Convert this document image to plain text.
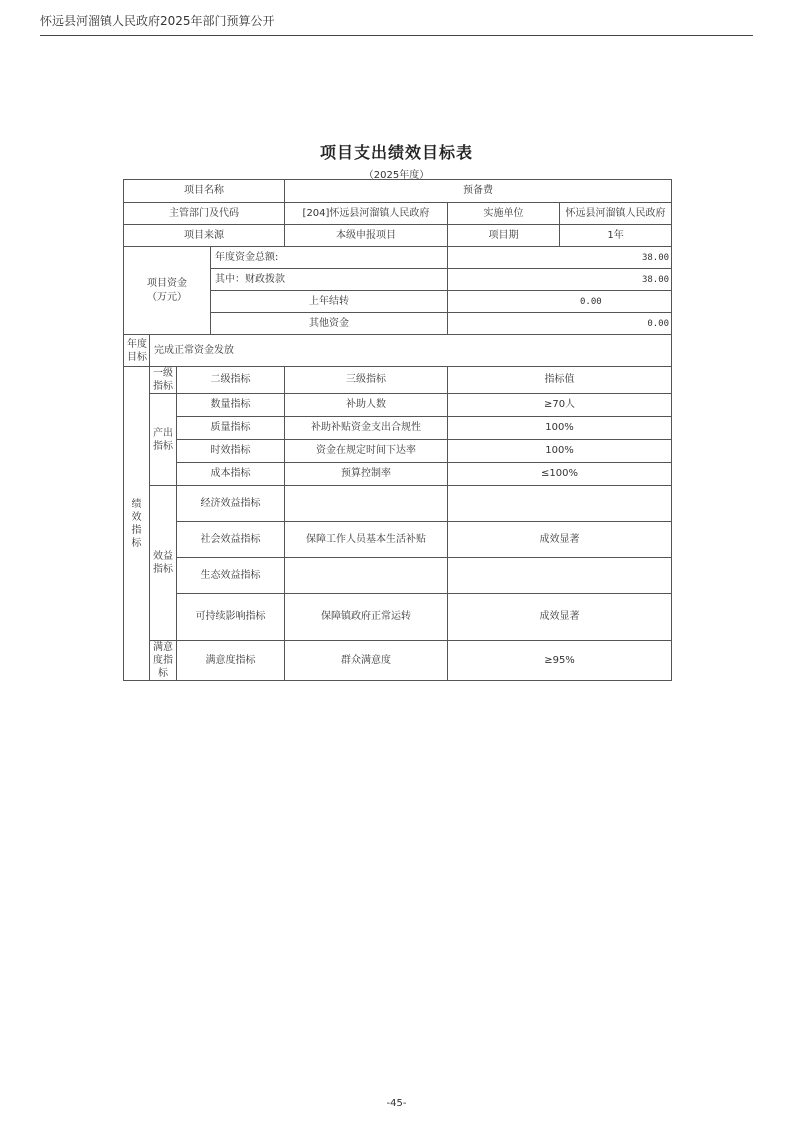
怀远县河溜镇人民政府2025年部门预算公开
项目支出绩效目标表
（2025年度）
项目名称				预备费		
主管部门及代码				[204]怀远县河溜镇人民政府	实施单位	怀远县河溜镇人民政府
项目来源				本级申报项目	项目期	1年

项目资金（万元）			年度资金总额:		38.00	
			其中：财政拨款		38.00	
			上年结转		0.00	
			其他资金		0.00	

年度目标	完成正常资金发放					

绩效指标	一级指标	二级指标		三级指标	指标值	

	产出指标	数量指标		补助人数	≥70人	
		质量指标		补助补贴资金支出合规性	100%	
		时效指标		资金在规定时间下达率	100%	
		成本指标		预算控制率	≤100%	

	效益指标	经济效益指标				
		社会效益指标		保障工作人员基本生活补贴	成效显著	
		生态效益指标				
		可持续影响指标		保障镇政府正常运转	成效显著	

	满意度指标	满意度指标		群众满意度	≥95%	
-45-
